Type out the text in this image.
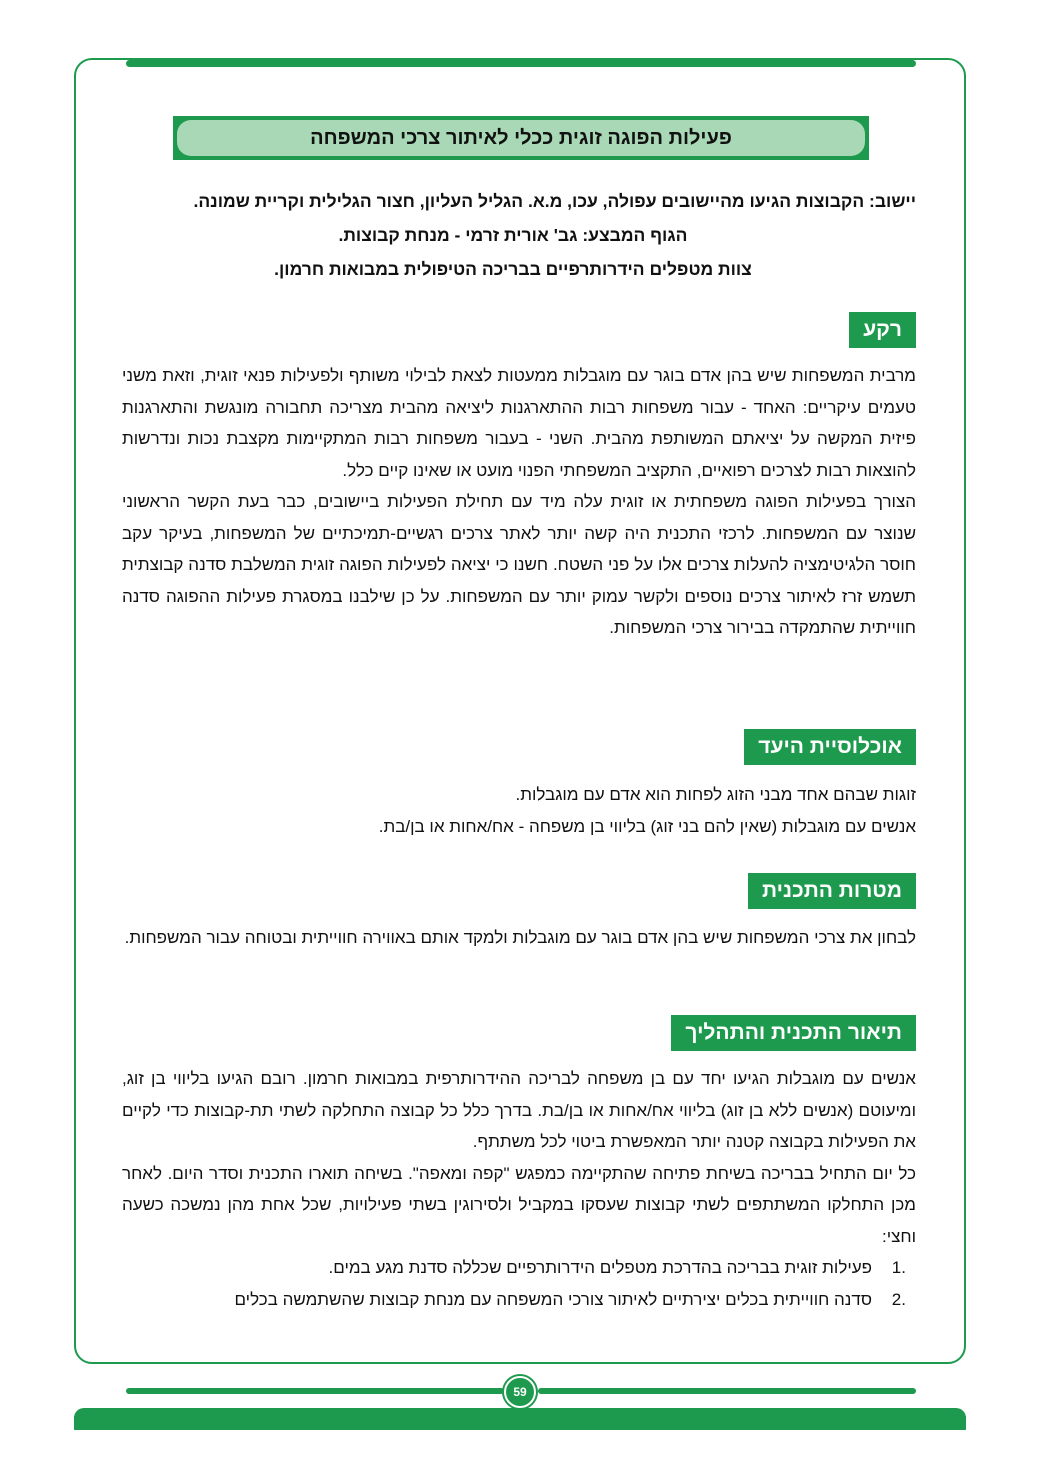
פעילות הפוגה זוגית ככלי לאיתור צרכי המשפחה
יישוב: הקבוצות הגיעו מהיישובים עפולה, עכו, מ.א. הגליל העליון, חצור הגלילית וקריית שמונה.
הגוף המבצע: גב' אורית זרמי - מנחת קבוצות.
צוות מטפלים הידרותרפיים בבריכה הטיפולית במבואות חרמון.
רקע

מרבית המשפחות שיש בהן אדם בוגר עם מוגבלות ממעטות לצאת לבילוי משותף ולפעילות פנאי זוגית, וזאת משני טעמים עיקריים: האחד - עבור משפחות רבות ההתארגנות ליציאה מהבית מצריכה תחבורה מונגשת והתארגנות פיזית המקשה על יציאתם המשותפת מהבית. השני - בעבור משפחות רבות המתקיימות מקצבת נכות ונדרשות להוצאות רבות לצרכים רפואיים, התקציב המשפחתי הפנוי מועט או שאינו קיים כלל.

הצורך בפעילות הפוגה משפחתית או זוגית עלה מיד עם תחילת הפעילות ביישובים, כבר בעת הקשר הראשוני שנוצר עם המשפחות. לרכזי התכנית היה קשה יותר לאתר צרכים רגשיים-תמיכתיים של המשפחות, בעיקר עקב חוסר הלגיטימציה להעלות צרכים אלו על פני השטח. חשנו כי יציאה לפעילות הפוגה זוגית המשלבת סדנה קבוצתית תשמש זרז לאיתור צרכים נוספים ולקשר עמוק יותר עם המשפחות. על כן שילבנו במסגרת פעילות ההפוגה סדנה חווייתית שהתמקדה בבירור צרכי המשפחות.

אוכלוסיית היעד

זוגות שבהם אחד מבני הזוג לפחות הוא אדם עם מוגבלות.

אנשים עם מוגבלות (שאין להם בני זוג) בליווי בן משפחה - אח/אחות או בן/בת.

מטרות התכנית

לבחון את צרכי המשפחות שיש בהן אדם בוגר עם מוגבלות ולמקד אותם באווירה חווייתית ובטוחה עבור המשפחות.

תיאור התכנית והתהליך

אנשים עם מוגבלות הגיעו יחד עם בן משפחה לבריכה ההידרותרפית במבואות חרמון. רובם הגיעו בליווי בן זוג, ומיעוטם (אנשים ללא בן זוג) בליווי אח/אחות או בן/בת. בדרך כלל כל קבוצה התחלקה לשתי תת-קבוצות כדי לקיים את הפעילות בקבוצה קטנה יותר המאפשרת ביטוי לכל משתתף.

כל יום התחיל בבריכה בשיחת פתיחה שהתקיימה כמפגש "קפה ומאפה". בשיחה תוארו התכנית וסדר היום. לאחר מכן התחלקו המשתתפים לשתי קבוצות שעסקו במקביל ולסירוגין בשתי פעילויות, שכל אחת מהן נמשכה כשעה וחצי:

.1
פעילות זוגית בבריכה בהדרכת מטפלים הידרותרפיים שכללה סדנת מגע במים.
.2
סדנה חווייתית בכלים יצירתיים לאיתור צורכי המשפחה עם מנחת קבוצות שהשתמשה בכלים
59
